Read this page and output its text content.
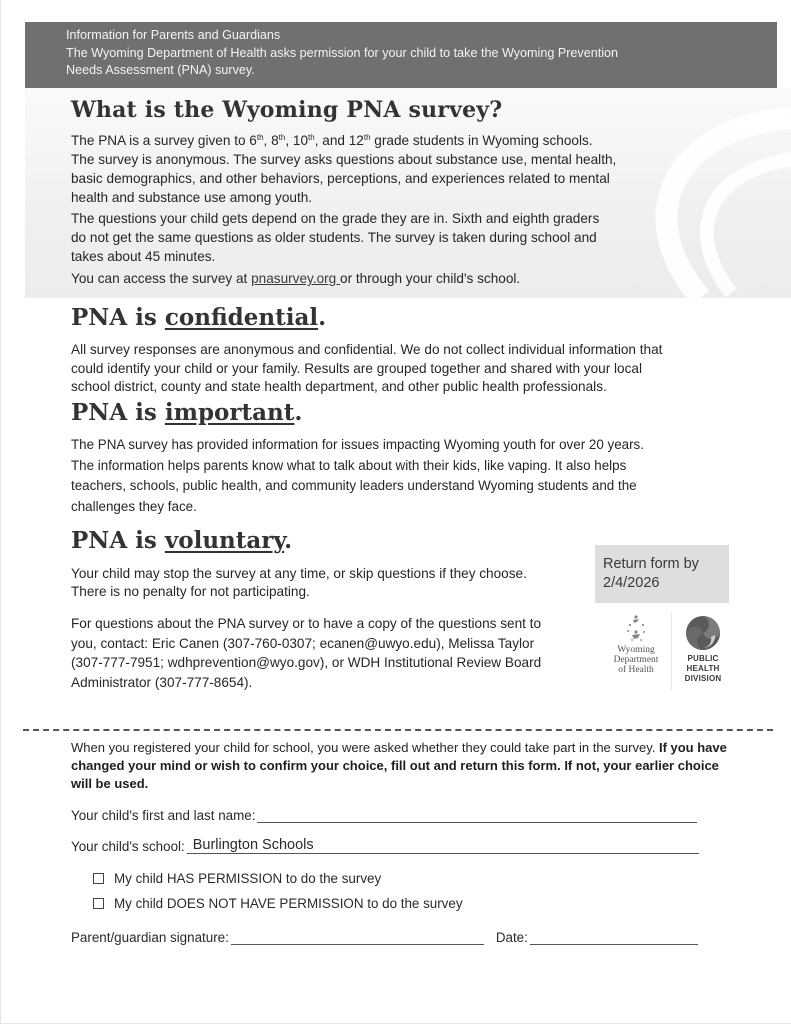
Information for Parents and Guardians
The Wyoming Department of Health asks permission for your child to take the Wyoming Prevention
Needs Assessment (PNA) survey.
What is the Wyoming PNA survey?
The PNA is a survey given to 6th, 8th, 10th, and 12th grade students in Wyoming schools.
The survey is anonymous. The survey asks questions about substance use, mental health,
basic demographics, and other behaviors, perceptions, and experiences related to mental
health and substance use among youth.
The questions your child gets depend on the grade they are in. Sixth and eighth graders
do not get the same questions as older students. The survey is taken during school and
takes about 45 minutes.
You can access the survey at pnasurvey.org or through your child's school.
PNA is confidential.
All survey responses are anonymous and confidential. We do not collect individual information that
could identify your child or your family. Results are grouped together and shared with your local
school district, county and state health department, and other public health professionals.
PNA is important.
The PNA survey has provided information for issues impacting Wyoming youth for over 20 years.
The information helps parents know what to talk about with their kids, like vaping. It also helps
teachers, schools, public health, and community leaders understand Wyoming students and the
challenges they face.
PNA is voluntary.
Your child may stop the survey at any time, or skip questions if they choose.
There is no penalty for not participating.
Return form by
2/4/2026
For questions about the PNA survey or to have a copy of the questions sent to
you, contact: Eric Canen (307-760-0307; ecanen@uwyo.edu), Melissa Taylor
(307-777-7951; wdhprevention@wyo.gov), or WDH Institutional Review Board
Administrator (307-777-8654).
Wyoming
Department
of Health
PUBLIC
HEALTH
DIVISION
When you registered your child for school, you were asked whether they could take part in the survey. If you have changed your mind or wish to confirm your choice, fill out and return this form. If not, your earlier choice will be used.
Your child's first and last name:
Your child's school: Burlington Schools
My child HAS PERMISSION to do the survey
My child DOES NOT HAVE PERMISSION to do the survey
Parent/guardian signature:	Date:
